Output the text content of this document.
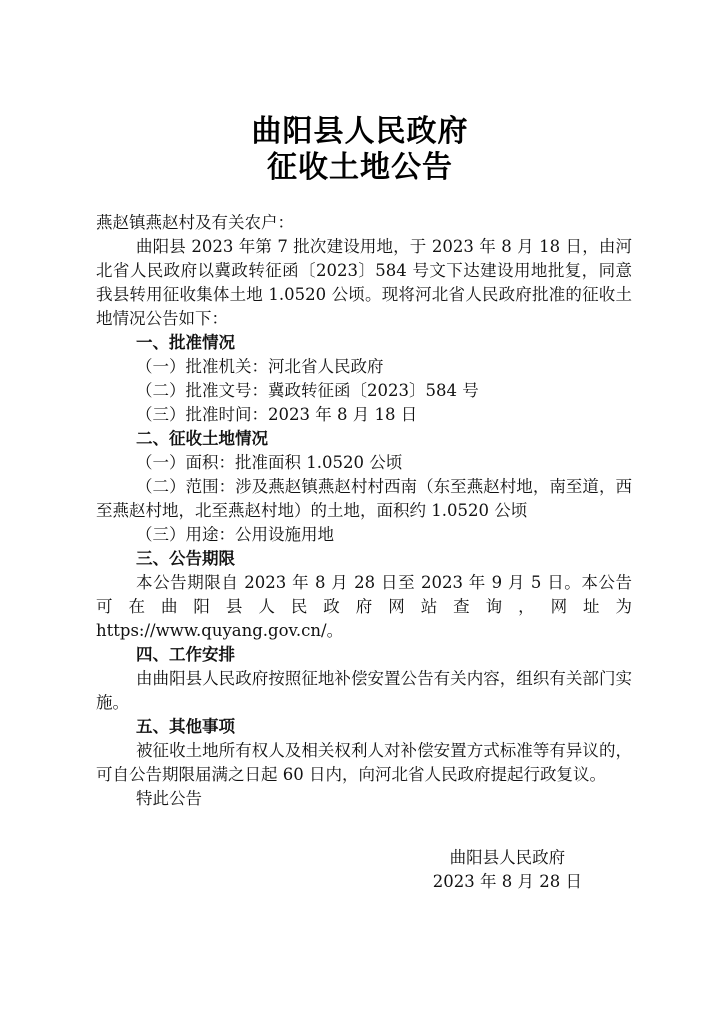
曲阳县人民政府
征收土地公告

燕赵镇燕赵村及有关农户：

曲阳县 2023 年第 7 批次建设用地，于 2023 年 8 月 18 日，由河北省人民政府以冀政转征函〔2023〕584 号文下达建设用地批复，同意我县转用征收集体土地 1.0520 公顷。现将河北省人民政府批准的征收土地情况公告如下：

一、批准情况

（一）批准机关：河北省人民政府

（二）批准文号：冀政转征函〔2023〕584 号

（三）批准时间：2023 年 8 月 18 日

二、征收土地情况

（一）面积：批准面积 1.0520 公顷

（二）范围：涉及燕赵镇燕赵村村西南（东至燕赵村地，南至道，西至燕赵村地，北至燕赵村地）的土地，面积约 1.0520 公顷

（三）用途：公用设施用地

三、公告期限

本公告期限自 2023 年 8 月 28 日至 2023 年 9 月 5 日。本公告可在曲阳县人民政府网站查询，网址为

https://www.quyang.gov.cn/。

四、工作安排

由曲阳县人民政府按照征地补偿安置公告有关内容，组织有关部门实施。

五、其他事项

被征收土地所有权人及相关权利人对补偿安置方式标准等有异议的，可自公告期限届满之日起 60 日内，向河北省人民政府提起行政复议。

特此公告

曲阳县人民政府
2023 年 8 月 28 日
